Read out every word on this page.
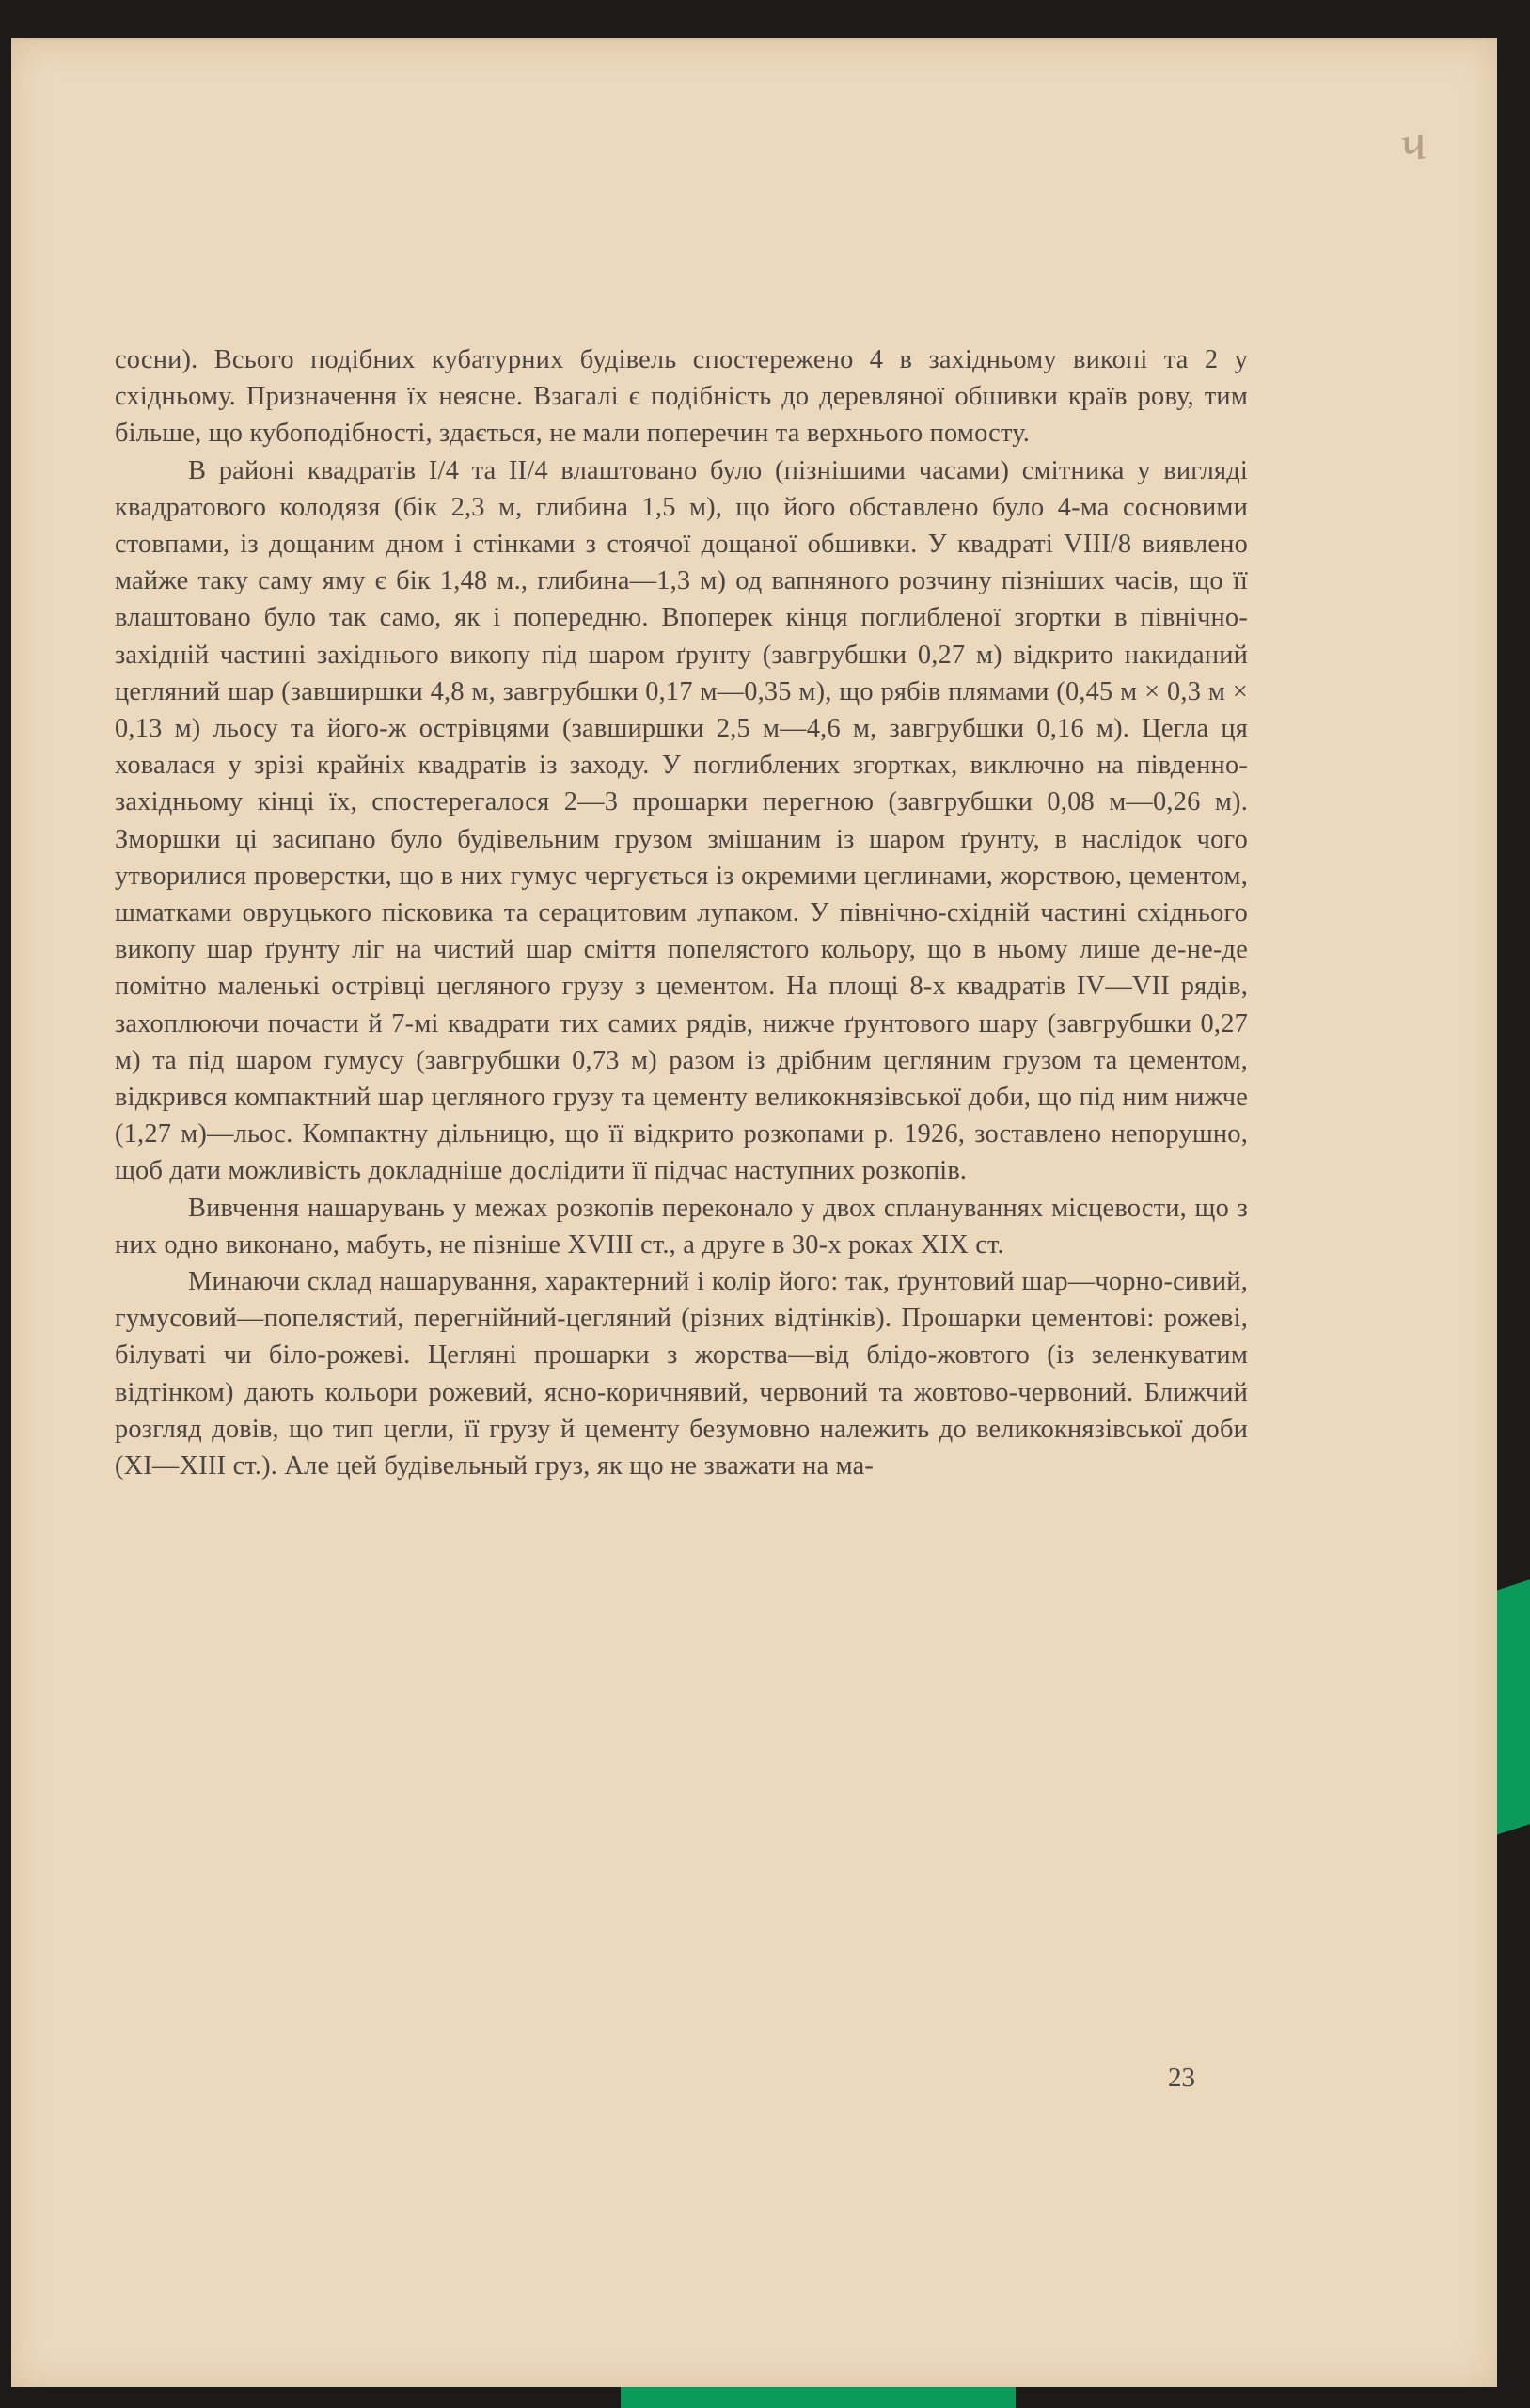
ч

сосни). Всього подібних кубатурних будівель спостережено 4 в західньому викопі та 2 у східньому. Призначення їх неясне. Взагалі є подібність до деревляної обшивки країв рову, тим більше, що кубоподібності, здається, не мали поперечин та верхнього помосту.

В районі квадратів І/4 та ІІ/4 влаштовано було (пізнішими часами) смітника у вигляді квадратового колодязя (бік 2,3 м, глибина 1,5 м), що його обставлено було 4-ма сосновими стовпами, із дощаним дном і стінками з стоячої дощаної обшивки. У квадраті VIII/8 виявлено майже таку саму яму є бік 1,48 м., глибина—1,3 м) од вапняного розчину пізніших часів, що її влаштовано було так само, як і попередню. Впоперек кінця поглибленої згортки в північно-західній частині західнього викопу під шаром ґрунту (завгрубшки 0,27 м) відкрито накиданий цегляний шар (завширшки 4,8 м, завгрубшки 0,17 м—0,35 м), що рябів плямами (0,45 м × 0,3 м × 0,13 м) льосу та його-ж острівцями (завширшки 2,5 м—4,6 м, завгрубшки 0,16 м). Цегла ця ховалася у зрізі крайніх квадратів із заходу. У поглиблених згортках, виключно на південно-західньому кінці їх, спостерегалося 2—3 прошарки перегною (завгрубшки 0,08 м—0,26 м). Зморшки ці засипано було будівельним грузом змішаним із шаром ґрунту, в наслідок чого утворилися проверстки, що в них гумус чергується із окремими цеглинами, жорствою, цементом, шматками овруцького пісковика та серацитовим лупаком. У північно-східній частині східнього викопу шар ґрунту ліг на чистий шар сміття попелястого кольору, що в ньому лише де-не-де помітно маленькі острівці цегляного грузу з цементом. На площі 8-х квадратів IV—VII рядів, захоплюючи почасти й 7-мі квадрати тих самих рядів, нижче ґрунтового шару (завгрубшки 0,27 м) та під шаром гумусу (завгрубшки 0,73 м) разом із дрібним цегляним грузом та цементом, відкрився компактний шар цегляного грузу та цементу великокнязівської доби, що під ним нижче (1,27 м)—льос. Компактну дільницю, що її відкрито розкопами р. 1926, зоставлено непорушно, щоб дати можливість докладніше дослідити її підчас наступних розкопів.

Вивчення нашарувань у межах розкопів переконало у двох сплануваннях місцевости, що з них одно виконано, мабуть, не пізніше XVIII ст., а друге в 30-х роках XIX ст.

Минаючи склад нашарування, характерний і колір його: так, ґрунтовий шар—чорно-сивий, гумусовий—попелястий, перегнійний-цегляний (різних відтінків). Прошарки цементові: рожеві, білуваті чи біло-рожеві. Цегляні прошарки з жорства—від блідо-жовтого (із зеленкуватим відтінком) дають кольори рожевий, ясно-коричнявий, червоний та жовтово-червоний. Ближчий розгляд довів, що тип цегли, її грузу й цементу безумовно належить до великокнязівської доби (XI—XIII ст.). Але цей будівельный груз, як що не зважати на ма-

23
